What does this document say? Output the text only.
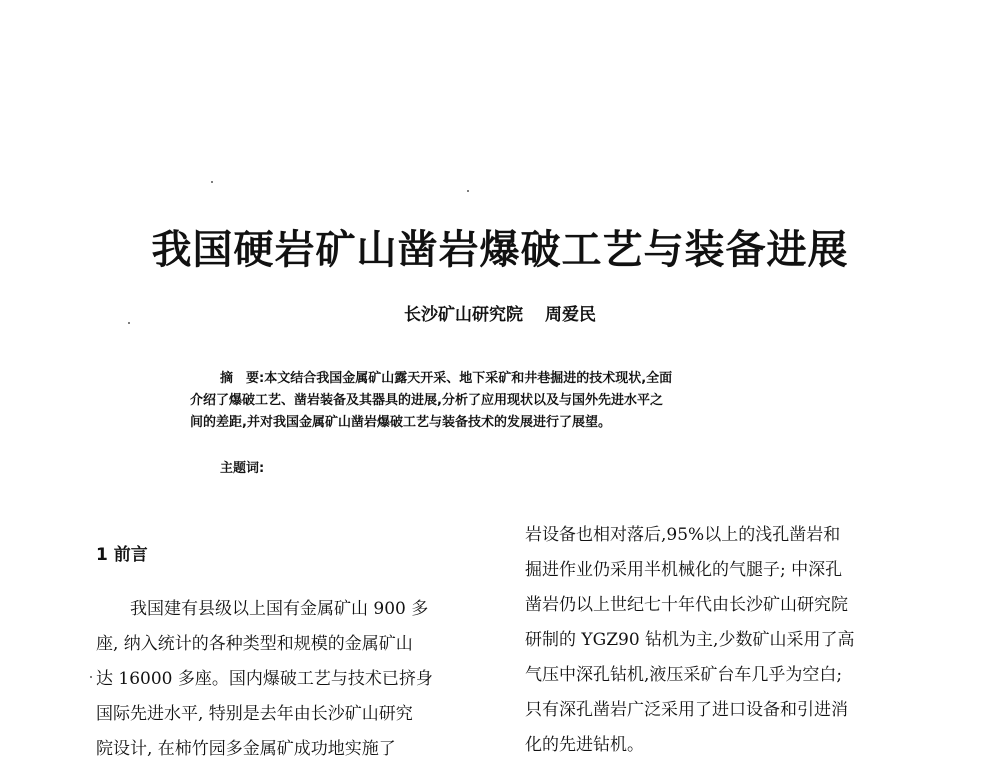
我国硬岩矿山凿岩爆破工艺与装备进展
长沙矿山研究院 周爱民
摘　要:本文结合我国金属矿山露天开采、地下采矿和井巷掘进的技术现状,全面
介绍了爆破工艺、凿岩装备及其器具的进展,分析了应用现状以及与国外先进水平之
间的差距,并对我国金属矿山凿岩爆破工艺与装备技术的发展进行了展望。
主题词:
1 前言
　　我国建有县级以上国有金属矿山 900 多
座, 纳入统计的各种类型和规模的金属矿山
达 16000 多座。国内爆破工艺与技术已挤身
国际先进水平, 特别是去年由长沙矿山研究
院设计, 在柿竹园多金属矿成功地实施了
岩设备也相对落后,95%以上的浅孔凿岩和
掘进作业仍采用半机械化的气腿子; 中深孔
凿岩仍以上世纪七十年代由长沙矿山研究院
研制的 YGZ90 钻机为主,少数矿山采用了高
气压中深孔钻机,液压采矿台车几乎为空白;
只有深孔凿岩广泛采用了进口设备和引进消
化的先进钻机。
